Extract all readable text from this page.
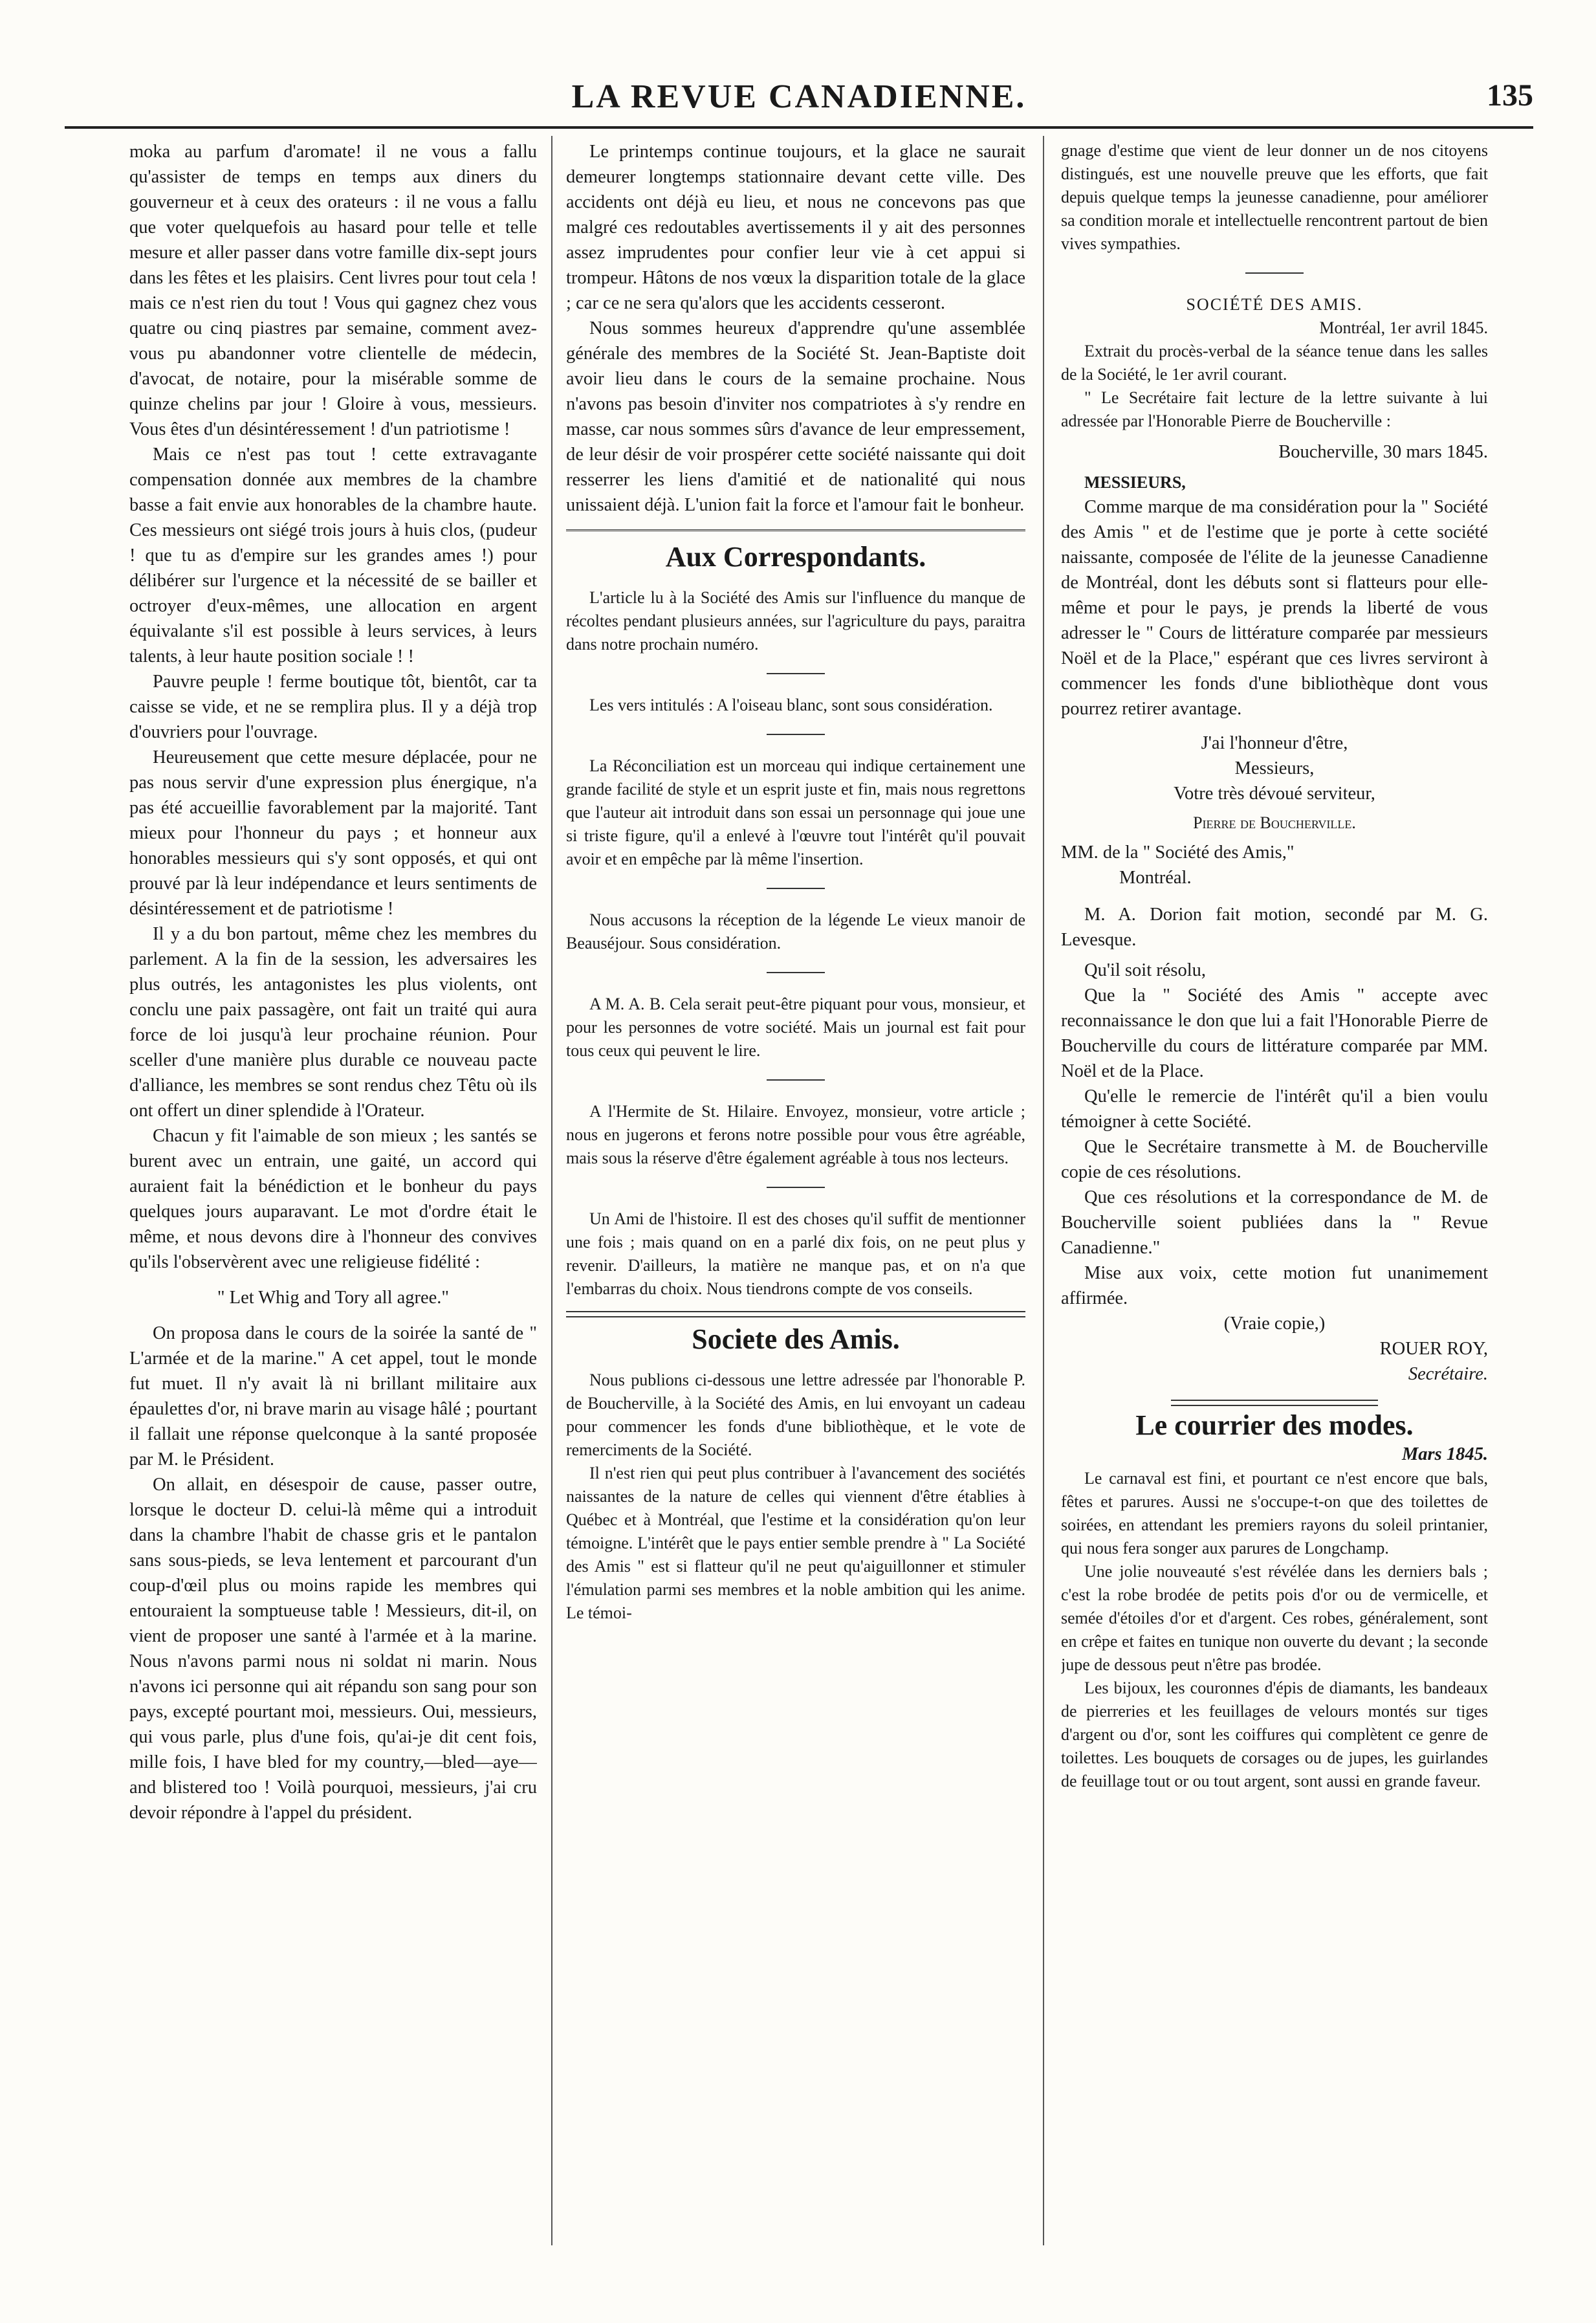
LA REVUE CANADIENNE.	135

moka au parfum d'aromate! il ne vous a fallu qu'assister de temps en temps aux diners du gouverneur et à ceux des orateurs : il ne vous a fallu que voter quelquefois au hasard pour telle et telle mesure et aller passer dans votre famille dix-sept jours dans les fêtes et les plaisirs. Cent livres pour tout cela ! mais ce n'est rien du tout ! Vous qui gagnez chez vous quatre ou cinq piastres par semaine, comment avez-vous pu abandonner votre clientelle de médecin, d'avocat, de notaire, pour la misérable somme de quinze chelins par jour ! Gloire à vous, messieurs. Vous êtes d'un désintéressement ! d'un patriotisme !

Mais ce n'est pas tout ! cette extravagante compensation donnée aux membres de la chambre basse a fait envie aux honorables de la chambre haute. Ces messieurs ont siégé trois jours à huis clos, (pudeur ! que tu as d'empire sur les grandes ames !) pour délibérer sur l'urgence et la nécessité de se bailler et octroyer d'eux-mêmes, une allocation en argent équivalante s'il est possible à leurs services, à leurs talents, à leur haute position sociale ! !

Pauvre peuple ! ferme boutique tôt, bientôt, car ta caisse se vide, et ne se remplira plus. Il y a déjà trop d'ouvriers pour l'ouvrage.

Heureusement que cette mesure déplacée, pour ne pas nous servir d'une expression plus énergique, n'a pas été accueillie favorablement par la majorité. Tant mieux pour l'honneur du pays ; et honneur aux honorables messieurs qui s'y sont opposés, et qui ont prouvé par là leur indépendance et leurs sentiments de désintéressement et de patriotisme !

Il y a du bon partout, même chez les membres du parlement. A la fin de la session, les adversaires les plus outrés, les antagonistes les plus violents, ont conclu une paix passagère, ont fait un traité qui aura force de loi jusqu'à leur prochaine réunion. Pour sceller d'une manière plus durable ce nouveau pacte d'alliance, les membres se sont rendus chez Têtu où ils ont offert un diner splendide à l'Orateur.

Chacun y fit l'aimable de son mieux ; les santés se burent avec un entrain, une gaité, un accord qui auraient fait la bénédiction et le bonheur du pays quelques jours auparavant. Le mot d'ordre était le même, et nous devons dire à l'honneur des convives qu'ils l'observèrent avec une religieuse fidélité :

" Let Whig and Tory all agree."

On proposa dans le cours de la soirée la santé de " L'armée et de la marine." A cet appel, tout le monde fut muet. Il n'y avait là ni brillant militaire aux épaulettes d'or, ni brave marin au visage hâlé ; pourtant il fallait une réponse quelconque à la santé proposée par M. le Président.

On allait, en désespoir de cause, passer outre, lorsque le docteur D. celui-là même qui a introduit dans la chambre l'habit de chasse gris et le pantalon sans sous-pieds, se leva lentement et parcourant d'un coup-d'œil plus ou moins rapide les membres qui entouraient la somptueuse table ! Messieurs, dit-il, on vient de proposer une santé à l'armée et à la marine. Nous n'avons parmi nous ni soldat ni marin. Nous n'avons ici personne qui ait répandu son sang pour son pays, excepté pourtant moi, messieurs. Oui, messieurs, qui vous parle, plus d'une fois, qu'ai-je dit cent fois, mille fois, I have bled for my country,—bled—aye—and blistered too ! Voilà pourquoi, messieurs, j'ai cru devoir répondre à l'appel du président.

Le printemps continue toujours, et la glace ne saurait demeurer longtemps stationnaire devant cette ville. Des accidents ont déjà eu lieu, et nous ne concevons pas que malgré ces redoutables avertissements il y ait des personnes assez imprudentes pour confier leur vie à cet appui si trompeur. Hâtons de nos vœux la disparition totale de la glace ; car ce ne sera qu'alors que les accidents cesseront.

Nous sommes heureux d'apprendre qu'une assemblée générale des membres de la Société St. Jean-Baptiste doit avoir lieu dans le cours de la semaine prochaine. Nous n'avons pas besoin d'inviter nos compatriotes à s'y rendre en masse, car nous sommes sûrs d'avance de leur empressement, de leur désir de voir prospérer cette société naissante qui doit resserrer les liens d'amitié et de nationalité qui nous unissaient déjà. L'union fait la force et l'amour fait le bonheur.

Aux Correspondants.

L'article lu à la Société des Amis sur l'influence du manque de récoltes pendant plusieurs années, sur l'agriculture du pays, paraitra dans notre prochain numéro.

Les vers intitulés : A l'oiseau blanc, sont sous considération.

La Réconciliation est un morceau qui indique certainement une grande facilité de style et un esprit juste et fin, mais nous regrettons que l'auteur ait introduit dans son essai un personnage qui joue une si triste figure, qu'il a enlevé à l'œuvre tout l'intérêt qu'il pouvait avoir et en empêche par là même l'insertion.

Nous accusons la réception de la légende Le vieux manoir de Beauséjour. Sous considération.

A M. A. B. Cela serait peut-être piquant pour vous, monsieur, et pour les personnes de votre société. Mais un journal est fait pour tous ceux qui peuvent le lire.

A l'Hermite de St. Hilaire. Envoyez, monsieur, votre article ; nous en jugerons et ferons notre possible pour vous être agréable, mais sous la réserve d'être également agréable à tous nos lecteurs.

Un Ami de l'histoire. Il est des choses qu'il suffit de mentionner une fois ; mais quand on en a parlé dix fois, on ne peut plus y revenir. D'ailleurs, la matière ne manque pas, et on n'a que l'embarras du choix. Nous tiendrons compte de vos conseils.

Societe des Amis.

Nous publions ci-dessous une lettre adressée par l'honorable P. de Boucherville, à la Société des Amis, en lui envoyant un cadeau pour commencer les fonds d'une bibliothèque, et le vote de remerciments de la Société.

Il n'est rien qui peut plus contribuer à l'avancement des sociétés naissantes de la nature de celles qui viennent d'être établies à Québec et à Montréal, que l'estime et la considération qu'on leur témoigne. L'intérêt que le pays entier semble prendre à " La Société des Amis " est si flatteur qu'il ne peut qu'aiguillonner et stimuler l'émulation parmi ses membres et la noble ambition qui les anime. Le témoi-

gnage d'estime que vient de leur donner un de nos citoyens distingués, est une nouvelle preuve que les efforts, que fait depuis quelque temps la jeunesse canadienne, pour améliorer sa condition morale et intellectuelle rencontrent partout de bien vives sympathies.

SOCIÉTÉ DES AMIS.

Montréal, 1er avril 1845.

Extrait du procès-verbal de la séance tenue dans les salles de la Société, le 1er avril courant.

" Le Secrétaire fait lecture de la lettre suivante à lui adressée par l'Honorable Pierre de Boucherville :

Boucherville, 30 mars 1845.

MESSIEURS,

Comme marque de ma considération pour la " Société des Amis " et de l'estime que je porte à cette société naissante, composée de l'élite de la jeunesse Canadienne de Montréal, dont les débuts sont si flatteurs pour elle-même et pour le pays, je prends la liberté de vous adresser le " Cours de littérature comparée par messieurs Noël et de la Place," espérant que ces livres serviront à commencer les fonds d'une bibliothèque dont vous pourrez retirer avantage.

J'ai l'honneur d'être,

Messieurs,

Votre très dévoué serviteur,

Pierre de Boucherville.

MM. de la " Société des Amis,"

Montréal.

M. A. Dorion fait motion, secondé par M. G. Levesque.

Qu'il soit résolu,

Que la " Société des Amis " accepte avec reconnaissance le don que lui a fait l'Honorable Pierre de Boucherville du cours de littérature comparée par MM. Noël et de la Place.

Qu'elle le remercie de l'intérêt qu'il a bien voulu témoigner à cette Société.

Que le Secrétaire transmette à M. de Boucherville copie de ces résolutions.

Que ces résolutions et la correspondance de M. de Boucherville soient publiées dans la " Revue Canadienne."

Mise aux voix, cette motion fut unanimement affirmée.

(Vraie copie,)

ROUER ROY,

Secrétaire.

Le courrier des modes.

Mars 1845.

Le carnaval est fini, et pourtant ce n'est encore que bals, fêtes et parures. Aussi ne s'occupe-t-on que des toilettes de soirées, en attendant les premiers rayons du soleil printanier, qui nous fera songer aux parures de Longchamp.

Une jolie nouveauté s'est révélée dans les derniers bals ; c'est la robe brodée de petits pois d'or ou de vermicelle, et semée d'étoiles d'or et d'argent. Ces robes, généralement, sont en crêpe et faites en tunique non ouverte du devant ; la seconde jupe de dessous peut n'être pas brodée.

Les bijoux, les couronnes d'épis de diamants, les bandeaux de pierreries et les feuillages de velours montés sur tiges d'argent ou d'or, sont les coiffures qui complètent ce genre de toilettes. Les bouquets de corsages ou de jupes, les guirlandes de feuillage tout or ou tout argent, sont aussi en grande faveur.
